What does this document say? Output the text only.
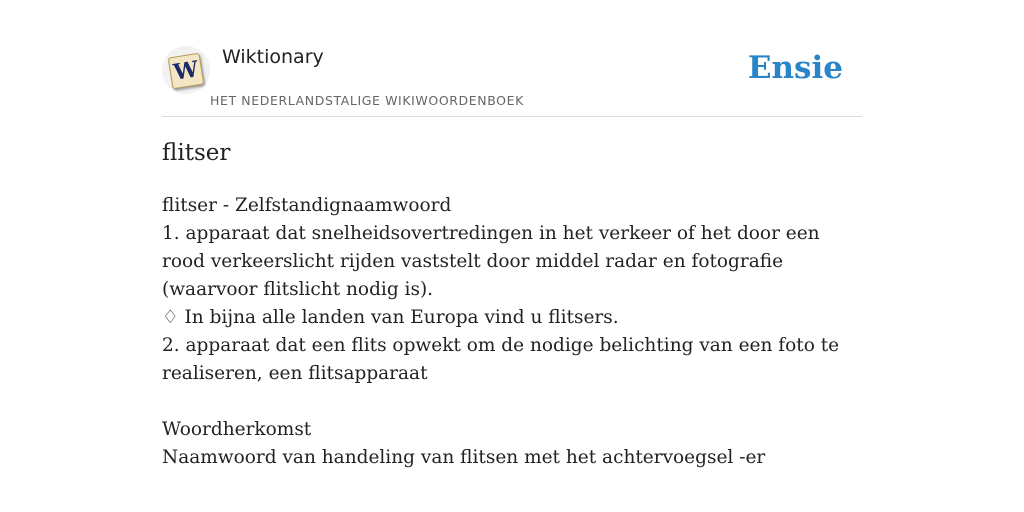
W Wiktionary
HET NEDERLANDSTALIGE WIKIWOORDENBOEK
Ensie
flitser

flitser - Zelfstandignaamwoord

1. apparaat dat snelheidsovertredingen in het verkeer of het door een rood verkeerslicht rijden vaststelt door middel radar en fotografie (waarvoor flitslicht nodig is).

♢ In bijna alle landen van Europa vind u flitsers.

2. apparaat dat een flits opwekt om de nodige belichting van een foto te realiseren, een flitsapparaat

Woordherkomst

Naamwoord van handeling van flitsen met het achtervoegsel -er
